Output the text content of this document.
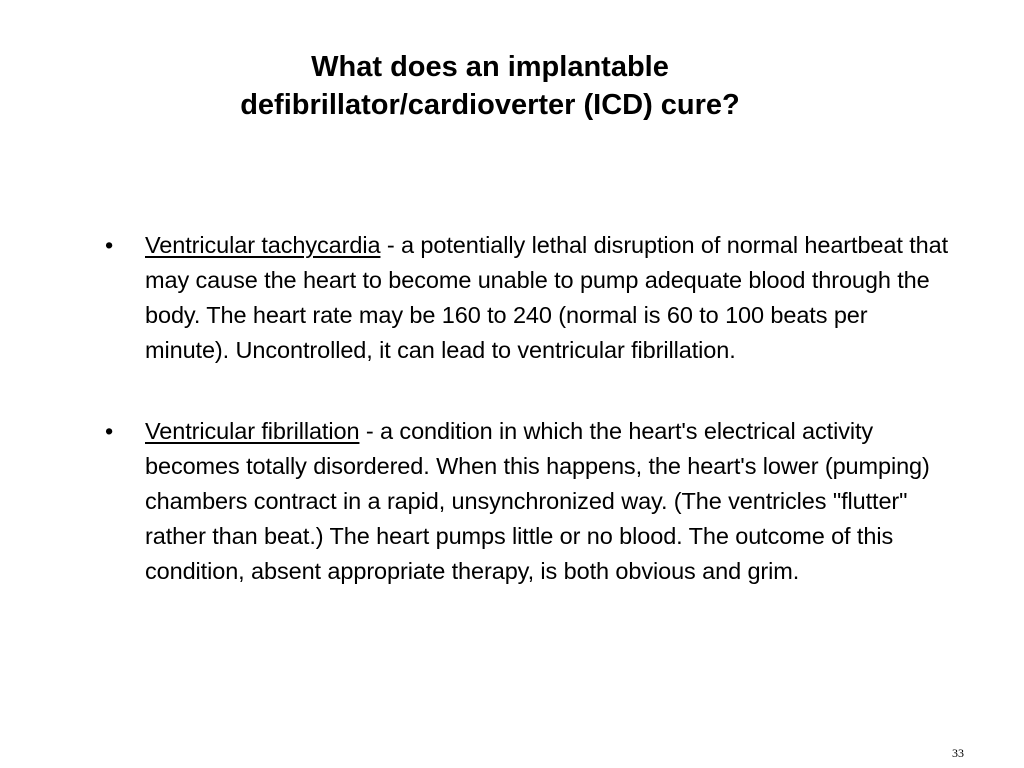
What does an implantable
defibrillator/cardioverter (ICD) cure?
• Ventricular tachycardia - a potentially lethal disruption of normal heartbeat that may cause the heart to become unable to pump adequate blood through the body. The heart rate may be 160 to 240 (normal is 60 to 100 beats per minute). Uncontrolled, it can lead to ventricular fibrillation.
• Ventricular fibrillation - a condition in which the heart's electrical activity becomes totally disordered. When this happens, the heart's lower (pumping) chambers contract in a rapid, unsynchronized way. (The ventricles "flutter" rather than beat.) The heart pumps little or no blood. The outcome of this condition, absent appropriate therapy, is both obvious and grim.
33
